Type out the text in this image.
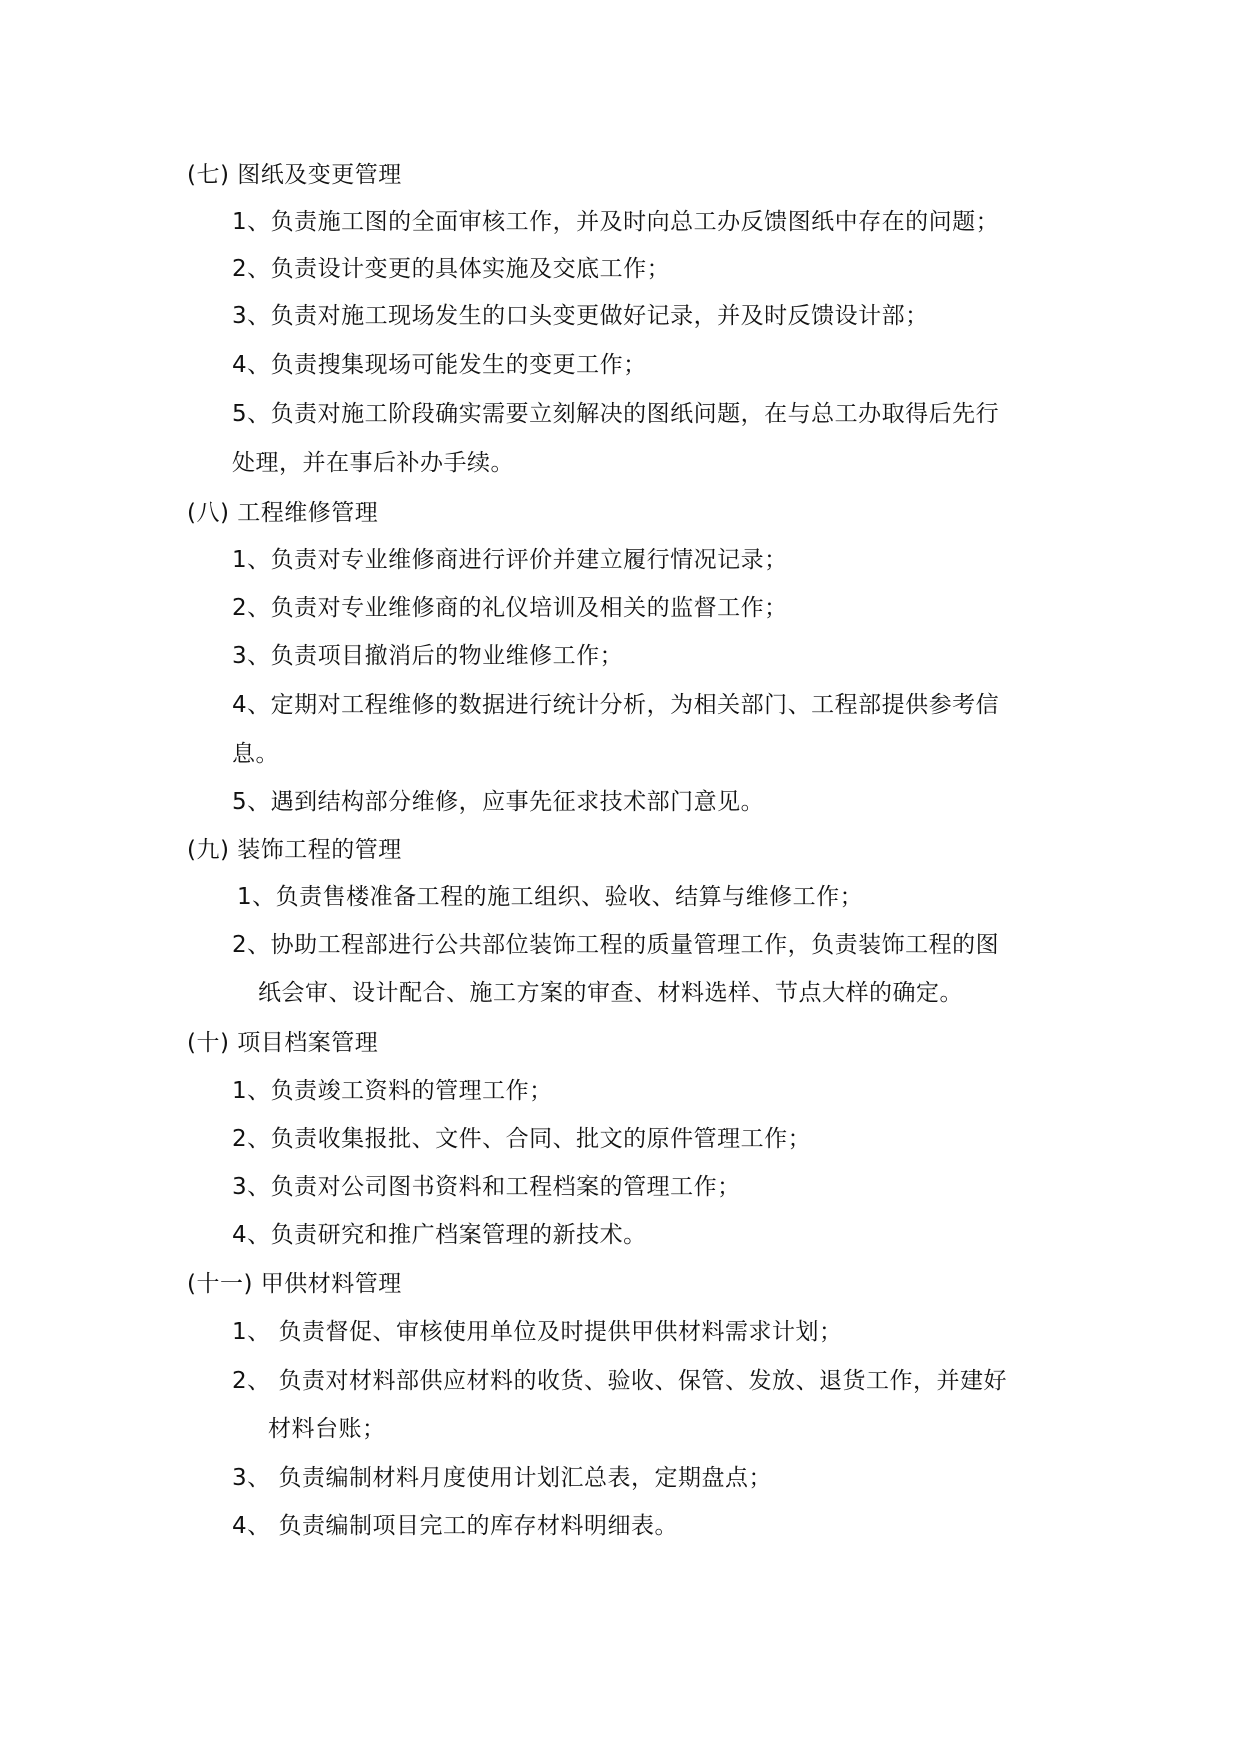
(七) 图纸及变更管理
1、负责施工图的全面审核工作，并及时向总工办反馈图纸中存在的问题；
2、负责设计变更的具体实施及交底工作；
3、负责对施工现场发生的口头变更做好记录，并及时反馈设计部；
4、负责搜集现场可能发生的变更工作；
5、负责对施工阶段确实需要立刻解决的图纸问题，在与总工办取得后先行
处理，并在事后补办手续。
(八) 工程维修管理
1、负责对专业维修商进行评价并建立履行情况记录；
2、负责对专业维修商的礼仪培训及相关的监督工作；
3、负责项目撤消后的物业维修工作；
4、定期对工程维修的数据进行统计分析，为相关部门、工程部提供参考信
息。
5、遇到结构部分维修，应事先征求技术部门意见。
(九) 装饰工程的管理
1、负责售楼准备工程的施工组织、验收、结算与维修工作；
2、协助工程部进行公共部位装饰工程的质量管理工作，负责装饰工程的图
纸会审、设计配合、施工方案的审查、材料选样、节点大样的确定。
(十) 项目档案管理
1、负责竣工资料的管理工作；
2、负责收集报批、文件、合同、批文的原件管理工作；
3、负责对公司图书资料和工程档案的管理工作；
4、负责研究和推广档案管理的新技术。
(十一) 甲供材料管理
1、 负责督促、审核使用单位及时提供甲供材料需求计划；
2、 负责对材料部供应材料的收货、验收、保管、发放、退货工作，并建好
材料台账；
3、 负责编制材料月度使用计划汇总表，定期盘点；
4、 负责编制项目完工的库存材料明细表。
